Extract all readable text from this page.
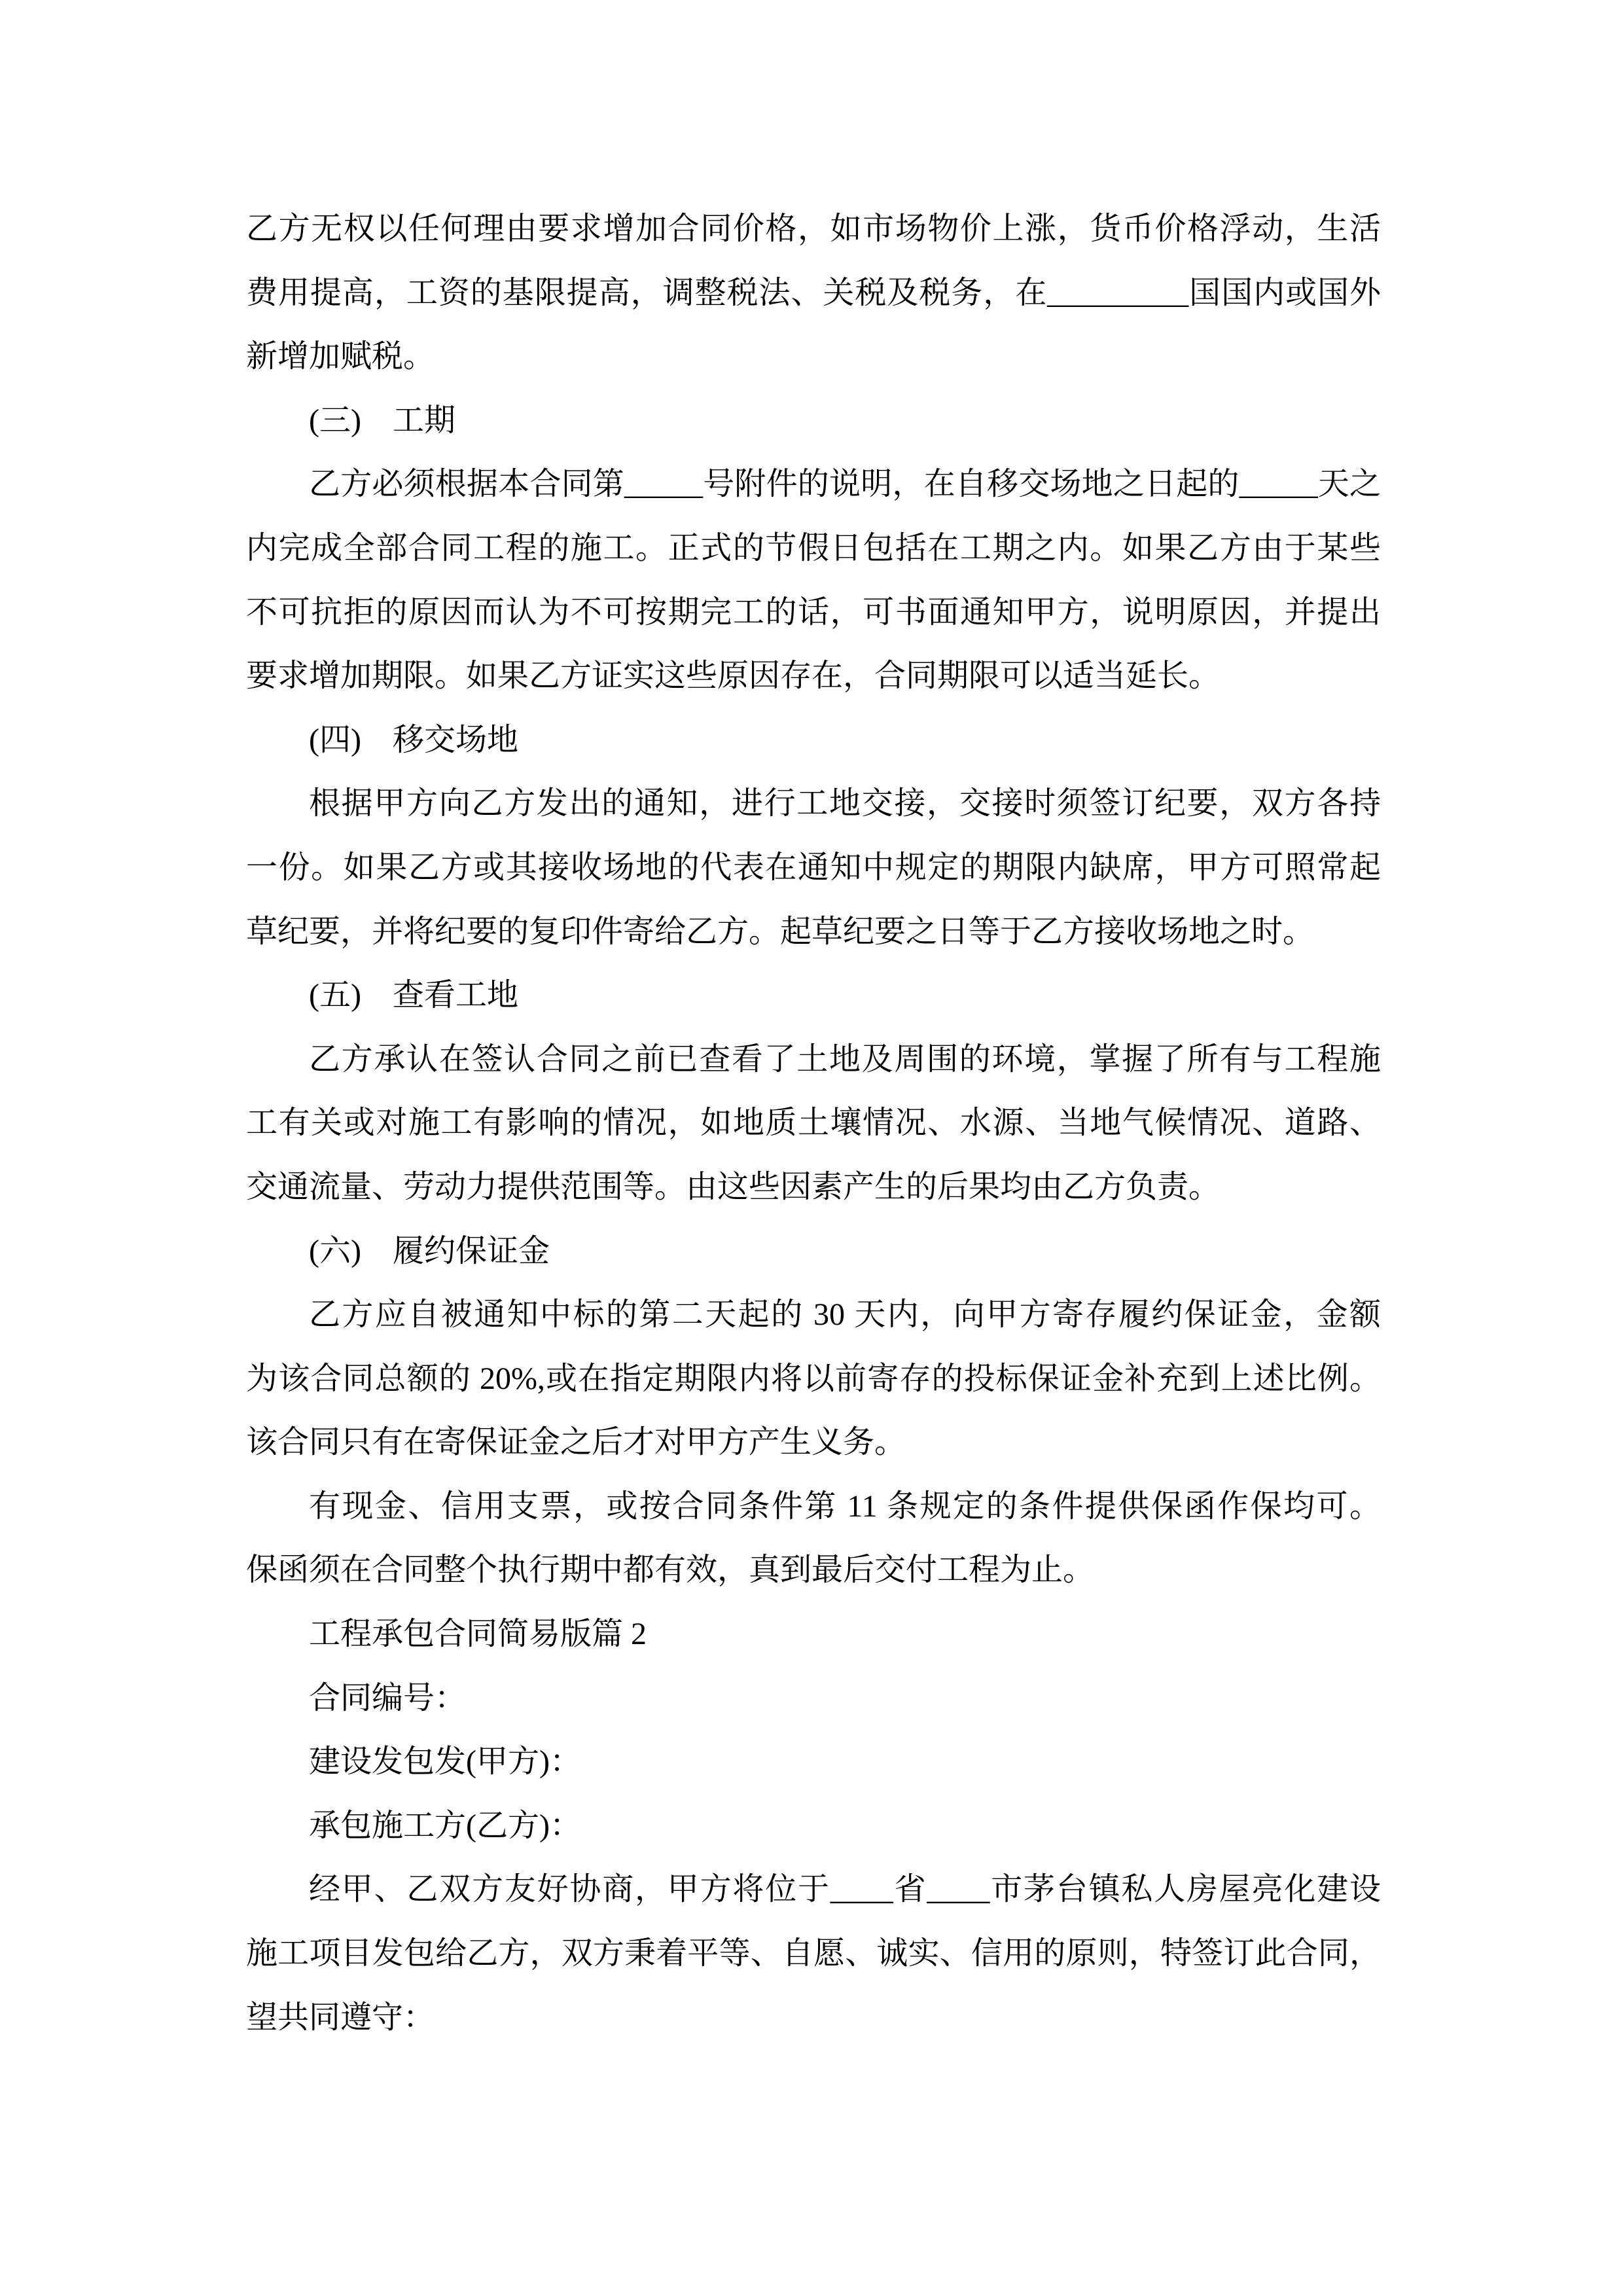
乙方无权以任何理由要求增加合同价格，如市场物价上涨，货币价格浮动，生活
费用提高，工资的基限提高，调整税法、关税及税务，在_________国国内或国外
新增加赋税。
(三)　工期
乙方必须根据本合同第_____号附件的说明，在自移交场地之日起的_____天之
内完成全部合同工程的施工。正式的节假日包括在工期之内。如果乙方由于某些
不可抗拒的原因而认为不可按期完工的话，可书面通知甲方，说明原因，并提出
要求增加期限。如果乙方证实这些原因存在，合同期限可以适当延长。
(四)　移交场地
根据甲方向乙方发出的通知，进行工地交接，交接时须签订纪要，双方各持
一份。如果乙方或其接收场地的代表在通知中规定的期限内缺席，甲方可照常起
草纪要，并将纪要的复印件寄给乙方。起草纪要之日等于乙方接收场地之时。
(五)　查看工地
乙方承认在签认合同之前已查看了土地及周围的环境，掌握了所有与工程施
工有关或对施工有影响的情况，如地质土壤情况、水源、当地气候情况、道路、
交通流量、劳动力提供范围等。由这些因素产生的后果均由乙方负责。
(六)　履约保证金
乙方应自被通知中标的第二天起的 30 天内，向甲方寄存履约保证金，金额
为该合同总额的 20%,或在指定期限内将以前寄存的投标保证金补充到上述比例。
该合同只有在寄保证金之后才对甲方产生义务。
有现金、信用支票，或按合同条件第 11 条规定的条件提供保函作保均可。
保函须在合同整个执行期中都有效，真到最后交付工程为止。
工程承包合同简易版篇 2
合同编号：
建设发包发(甲方)：
承包施工方(乙方)：
经甲、乙双方友好协商，甲方将位于____省____市茅台镇私人房屋亮化建设
施工项目发包给乙方，双方秉着平等、自愿、诚实、信用的原则，特签订此合同，
望共同遵守：
